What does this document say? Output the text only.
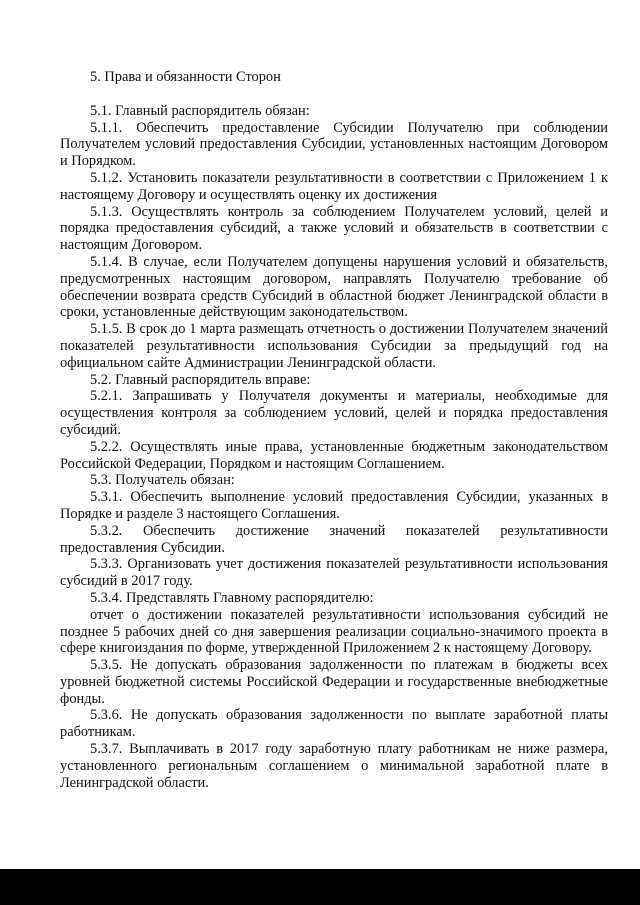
5. Права и обязанности Сторон

5.1. Главный распорядитель обязан:

5.1.1. Обеспечить предоставление Субсидии Получателю при соблюдении Получателем условий предоставления Субсидии, установленных настоящим Договором и Порядком.

5.1.2. Установить показатели результативности в соответствии с Приложением 1 к настоящему Договору и осуществлять оценку их достижения

5.1.3. Осуществлять контроль за соблюдением Получателем условий, целей и порядка предоставления субсидий, а также условий и обязательств в соответствии с настоящим Договором.

5.1.4. В случае, если Получателем допущены нарушения условий и обязательств, предусмотренных настоящим договором, направлять Получателю требование об обеспечении возврата средств Субсидий в областной бюджет Ленинградской области в сроки, установленные действующим законодательством.

5.1.5. В срок до 1 марта размещать отчетность о достижении Получателем значений показателей результативности использования Субсидии за предыдущий год на официальном сайте Администрации Ленинградской области.

5.2. Главный распорядитель вправе:

5.2.1. Запрашивать у Получателя документы и материалы, необходимые для осуществления контроля за соблюдением условий, целей и порядка предоставления субсидий.

5.2.2. Осуществлять иные права, установленные бюджетным законодательством Российской Федерации, Порядком и настоящим Соглашением.

5.3. Получатель обязан:

5.3.1. Обеспечить выполнение условий предоставления Субсидии, указанных в Порядке и разделе 3 настоящего Соглашения.

5.3.2. Обеспечить достижение значений показателей результативности предоставления Субсидии.

5.3.3. Организовать учет достижения показателей результативности использования субсидий в 2017 году.

5.3.4. Представлять Главному распорядителю:

отчет о достижении показателей результативности использования субсидий не позднее 5 рабочих дней со дня завершения реализации социально-значимого проекта в сфере книгоиздания по форме, утвержденной Приложением 2 к настоящему Договору.

5.3.5. Не допускать образования задолженности по платежам в бюджеты всех уровней бюджетной системы Российской Федерации и государственные внебюджетные фонды.

5.3.6. Не допускать образования задолженности по выплате заработной платы работникам.

5.3.7. Выплачивать в 2017 году заработную плату работникам не ниже размера, установленного региональным соглашением о минимальной заработной плате в Ленинградской области.
